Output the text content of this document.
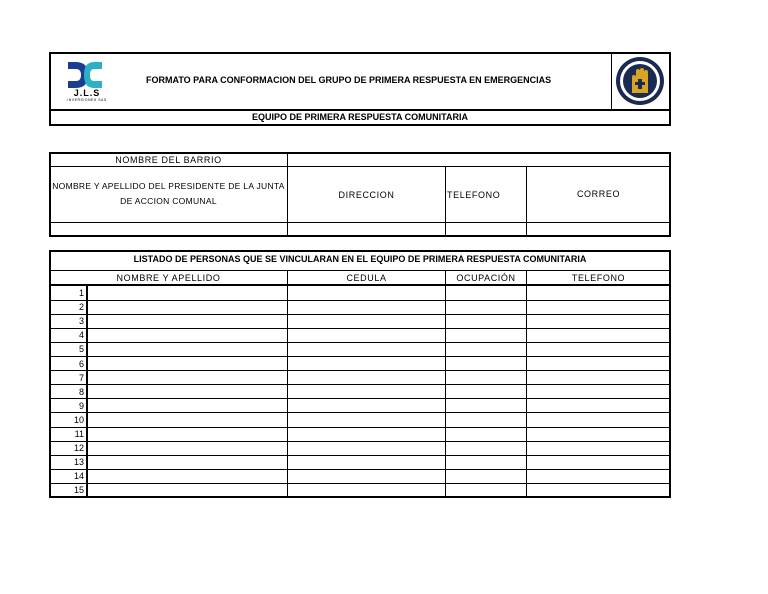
J.L.S
INVERSIONES SAS
FORMATO PARA CONFORMACION DEL GRUPO DE PRIMERA RESPUESTA EN EMERGENCIAS
EQUIPO DE PRIMERA RESPUESTA COMUNITARIA
NOMBRE DEL BARRIO
NOMBRE Y APELLIDO DEL PRESIDENTE DE LA JUNTA
DE ACCION COMUNAL
DIRECCION	TELEFONO	CORREO
LISTADO DE PERSONAS QUE SE VINCULARAN EN EL EQUIPO DE PRIMERA RESPUESTA COMUNITARIA
NOMBRE Y APELLIDO	CEDULA	OCUPACIÓN	TELEFONO
1
2
3
4
5
6
7
8
9
10
11
12
13
14
15
